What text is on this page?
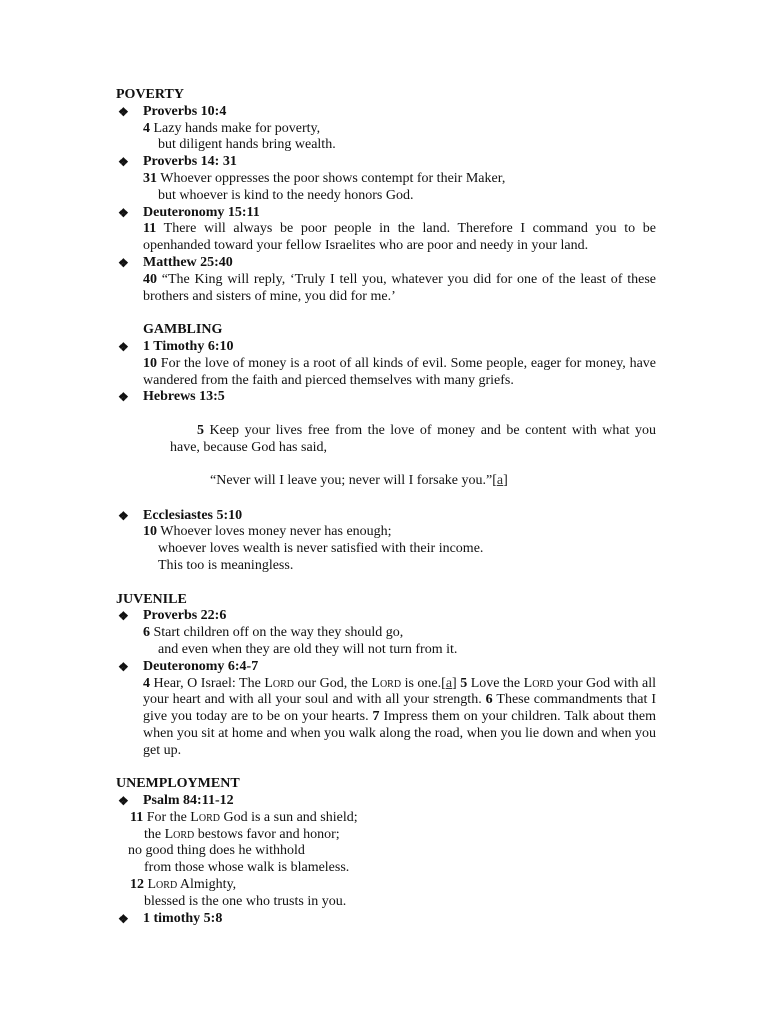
POVERTY
❖ Proverbs 10:4
4 Lazy hands make for poverty,
but diligent hands bring wealth.
❖ Proverbs 14: 31
31 Whoever oppresses the poor shows contempt for their Maker,
but whoever is kind to the needy honors God.
❖ Deuteronomy 15:11
11 There will always be poor people in the land. Therefore I command you to be openhanded toward your fellow Israelites who are poor and needy in your land.
❖ Matthew 25:40
40 “The King will reply, ‘Truly I tell you, whatever you did for one of the least of these brothers and sisters of mine, you did for me.’
GAMBLING
❖ 1 Timothy 6:10
10 For the love of money is a root of all kinds of evil. Some people, eager for money, have wandered from the faith and pierced themselves with many griefs.
❖ Hebrews 13:5
5 Keep your lives free from the love of money and be content with what you have, because God has said,
“Never will I leave you; never will I forsake you.”[a]
❖ Ecclesiastes 5:10
10 Whoever loves money never has enough;
whoever loves wealth is never satisfied with their income.
This too is meaningless.
JUVENILE
❖ Proverbs 22:6
6 Start children off on the way they should go,
and even when they are old they will not turn from it.
❖ Deuteronomy 6:4-7
4 Hear, O Israel: The Lord our God, the Lord is one.[a] 5 Love the Lord your God with all your heart and with all your soul and with all your strength. 6 These commandments that I give you today are to be on your hearts. 7 Impress them on your children. Talk about them when you sit at home and when you walk along the road, when you lie down and when you get up.
UNEMPLOYMENT
❖ Psalm 84:11-12
11 For the Lord God is a sun and shield;
the Lord bestows favor and honor;
no good thing does he withhold
from those whose walk is blameless.
12 Lord Almighty,
blessed is the one who trusts in you.
❖ 1 timothy 5:8
